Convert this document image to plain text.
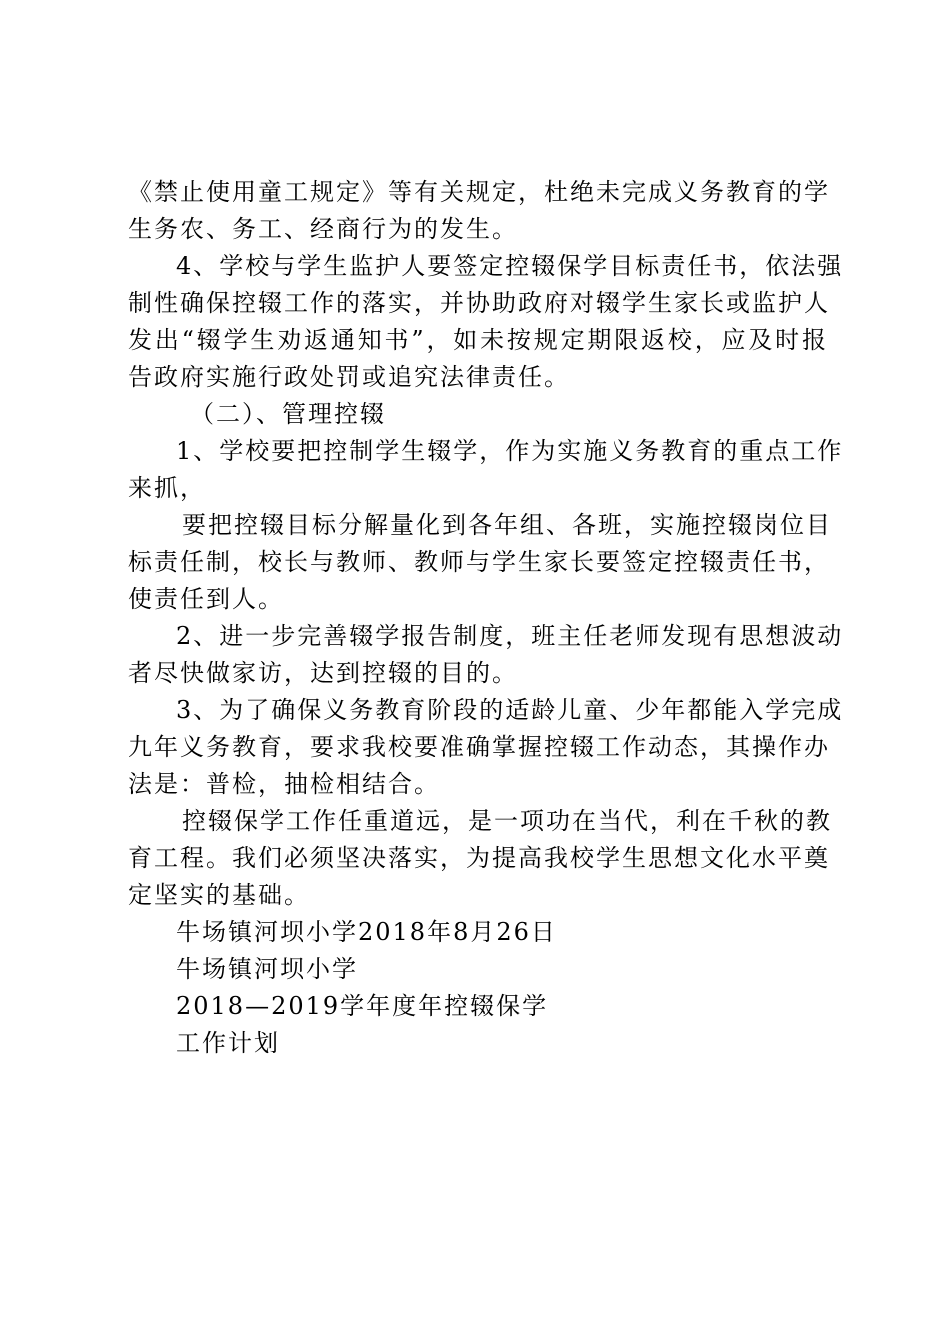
《禁止使用童工规定》等有关规定，杜绝未完成义务教育的学
生务农、务工、经商行为的发生。
4、学校与学生监护人要签定控辍保学目标责任书，依法强
制性确保控辍工作的落实，并协助政府对辍学生家长或监护人
发出“辍学生劝返通知书”，如未按规定期限返校，应及时报
告政府实施行政处罚或追究法律责任。
（二）、管理控辍
1、学校要把控制学生辍学，作为实施义务教育的重点工作
来抓，
要把控辍目标分解量化到各年组、各班，实施控辍岗位目
标责任制，校长与教师、教师与学生家长要签定控辍责任书，
使责任到人。
2、进一步完善辍学报告制度，班主任老师发现有思想波动
者尽快做家访，达到控辍的目的。
3、为了确保义务教育阶段的适龄儿童、少年都能入学完成
九年义务教育，要求我校要准确掌握控辍工作动态，其操作办
法是：普检，抽检相结合。
控辍保学工作任重道远，是一项功在当代，利在千秋的教
育工程。我们必须坚决落实，为提高我校学生思想文化水平奠
定坚实的基础。
牛场镇河坝小学2018年8月26日
牛场镇河坝小学
2018—2019学年度年控辍保学
工作计划
